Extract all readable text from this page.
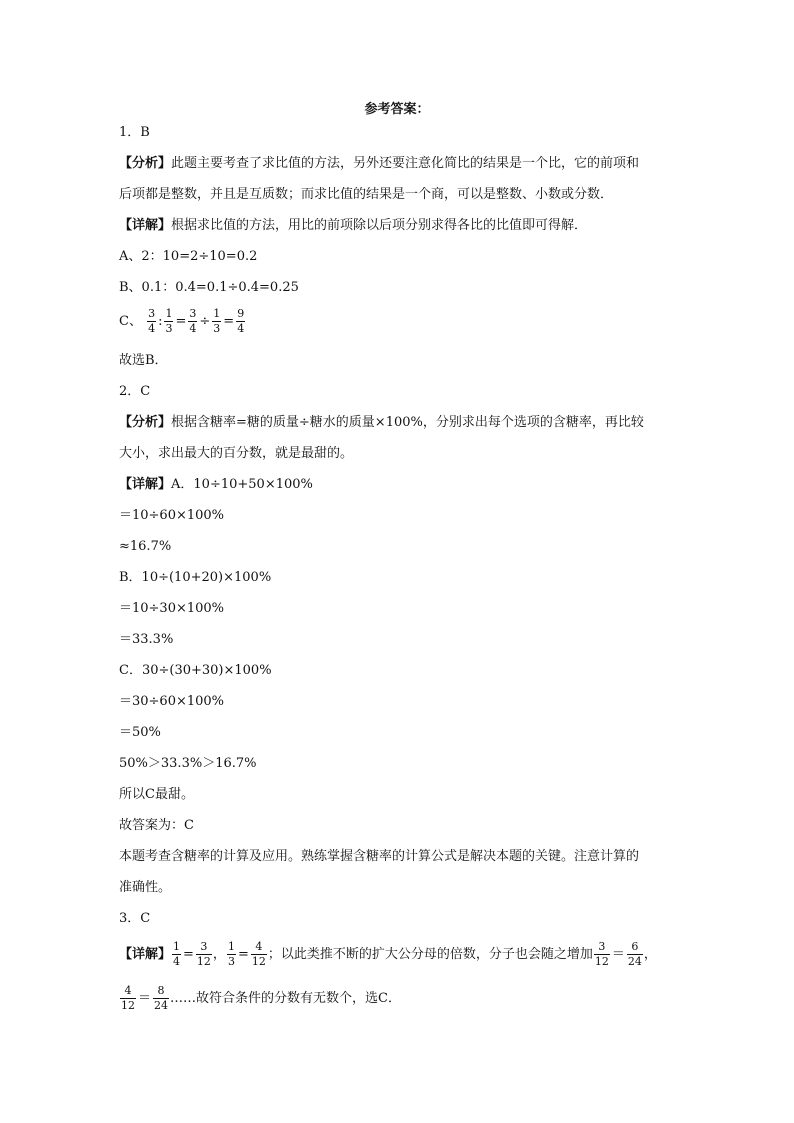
参考答案：
1．B
【分析】此题主要考查了求比值的方法，另外还要注意化简比的结果是一个比，它的前项和
后项都是整数，并且是互质数；而求比值的结果是一个商，可以是整数、小数或分数．
【详解】根据求比值的方法，用比的前项除以后项分别求得各比的比值即可得解．
A、2：10=2÷10=0.2
B、0.1：0.4=0.1÷0.4=0.25
C、 $\frac{3}{4}$ : $\frac{1}{3} = \frac{3}{4} \div \frac{1}{3} = \frac{9}{4}$
故选B．
2．C
【分析】根据含糖率=糖的质量÷糖水的质量×100%，分别求出每个选项的含糖率，再比较
大小，求出最大的百分数，就是最甜的。
【详解】A．10÷10+50×100%
＝10÷60×100%
≈16.7%
B．10÷(10+20)×100%
＝10÷30×100%
＝33.3%
C．30÷(30+30)×100%
＝30÷60×100%
＝50%
50%＞33.3%＞16.7%
所以C最甜。
故答案为：C
本题考查含糖率的计算及应用。熟练掌握含糖率的计算公式是解决本题的关键。注意计算的
准确性。
3．C
【详解】 $\frac{1}{4} = \frac{3}{12}$ ， $\frac{1}{3} = \frac{4}{12}$ ；以此类推不断的扩大公分母的倍数，分子也会随之增加 $\frac{3}{12} = \frac{6}{24}$ ，
$\frac{4}{12} = \frac{8}{24}$ ……故符合条件的分数有无数个，选C．
